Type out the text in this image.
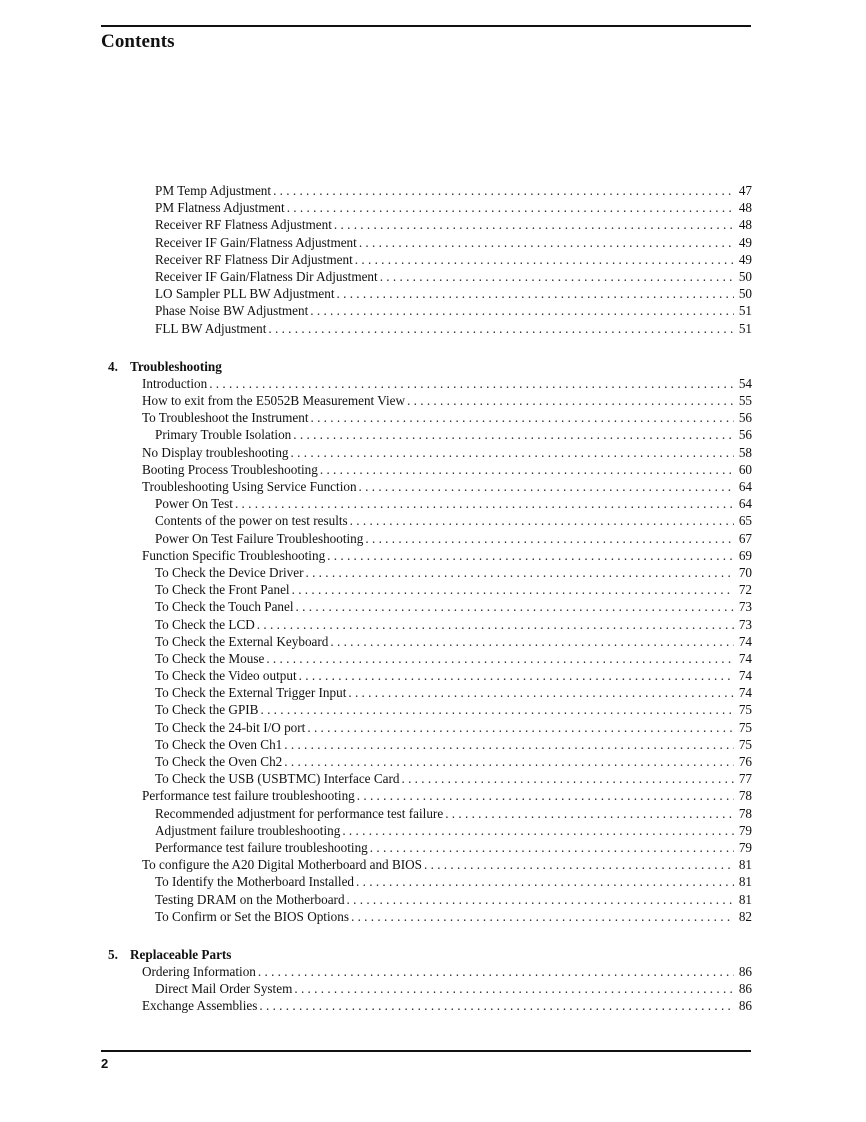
Contents
PM Temp Adjustment . . .	47
PM Flatness Adjustment . . .	48
Receiver RF Flatness Adjustment . . .	48
Receiver IF Gain/Flatness Adjustment . . .	49
Receiver RF Flatness Dir Adjustment . . .	49
Receiver IF Gain/Flatness Dir Adjustment . . .	50
LO Sampler PLL BW Adjustment . . .	50
Phase Noise BW Adjustment . . .	51
FLL BW Adjustment . . .	51
4. Troubleshooting
Introduction . . .	54
How to exit from the E5052B Measurement View . . .	55
To Troubleshoot the Instrument . . .	56
Primary Trouble Isolation . . .	56
No Display troubleshooting . . .	58
Booting Process Troubleshooting . . .	60
Troubleshooting Using Service Function . . .	64
Power On Test . . .	64
Contents of the power on test results . . .	65
Power On Test Failure Troubleshooting . . .	67
Function Specific Troubleshooting . . .	69
To Check the Device Driver . . .	70
To Check the Front Panel . . .	72
To Check the Touch Panel . . .	73
To Check the LCD . . .	73
To Check the External Keyboard . . .	74
To Check the Mouse . . .	74
To Check the Video output . . .	74
To Check the External Trigger Input . . .	74
To Check the GPIB . . .	75
To Check the 24-bit I/O port . . .	75
To Check the Oven Ch1 . . .	75
To Check the Oven Ch2 . . .	76
To Check the USB (USBTMC) Interface Card . . .	77
Performance test failure troubleshooting . . .	78
Recommended adjustment for performance test failure . . .	78
Adjustment failure troubleshooting . . .	79
Performance test failure troubleshooting . . .	79
To configure the A20 Digital Motherboard and BIOS . . .	81
To Identify the Motherboard Installed . . .	81
Testing DRAM on the Motherboard . . .	81
To Confirm or Set the BIOS Options . . .	82
5. Replaceable Parts
Ordering Information . . .	86
Direct Mail Order System . . .	86
Exchange Assemblies . . .	86
2
